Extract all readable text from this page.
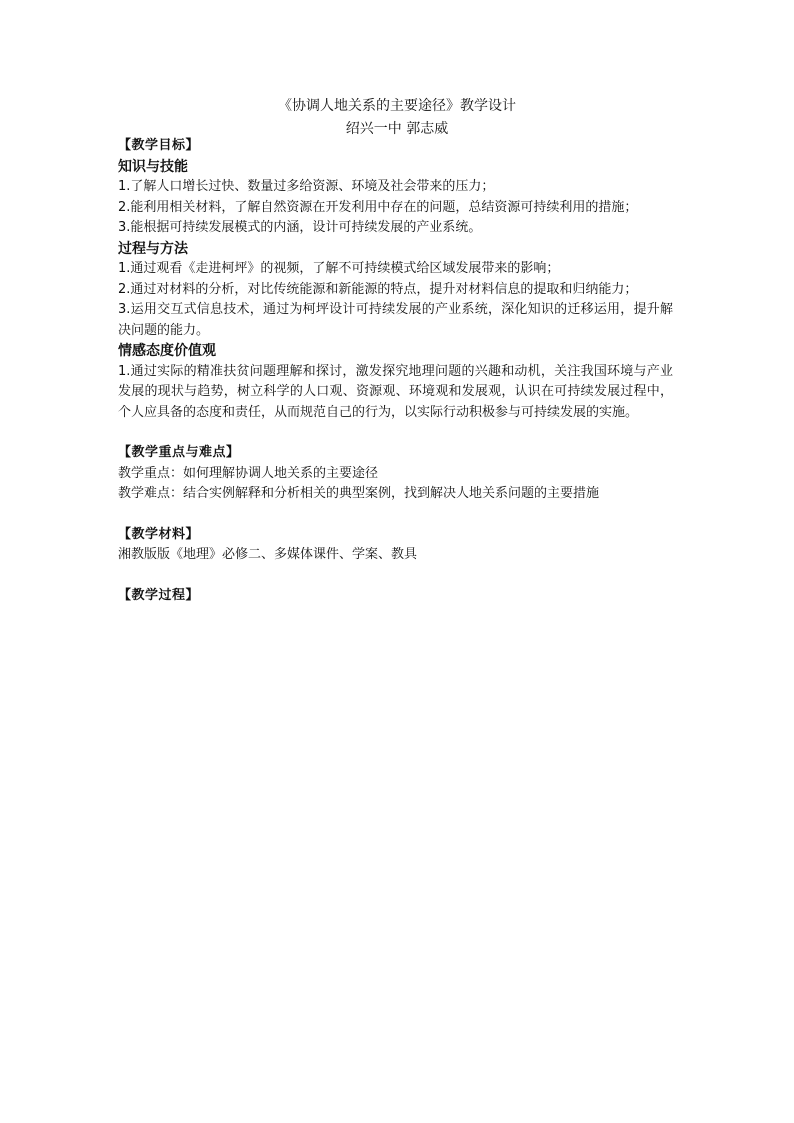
《协调人地关系的主要途径》教学设计
绍兴一中 郭志威
【教学目标】
知识与技能
1.了解人口增长过快、数量过多给资源、环境及社会带来的压力；
2.能利用相关材料，了解自然资源在开发利用中存在的问题，总结资源可持续利用的措施；
3.能根据可持续发展模式的内涵，设计可持续发展的产业系统。
过程与方法
1.通过观看《走进柯坪》的视频，了解不可持续模式给区域发展带来的影响；
2.通过对材料的分析，对比传统能源和新能源的特点，提升对材料信息的提取和归纳能力；
3.运用交互式信息技术，通过为柯坪设计可持续发展的产业系统，深化知识的迁移运用，提升解决问题的能力。
情感态度价值观
1.通过实际的精准扶贫问题理解和探讨，激发探究地理问题的兴趣和动机，关注我国环境与产业发展的现状与趋势，树立科学的人口观、资源观、环境观和发展观，认识在可持续发展过程中，个人应具备的态度和责任，从而规范自己的行为，以实际行动积极参与可持续发展的实施。
【教学重点与难点】
教学重点：如何理解协调人地关系的主要途径
教学难点：结合实例解释和分析相关的典型案例，找到解决人地关系问题的主要措施
【教学材料】
湘教版版《地理》必修二、多媒体课件、学案、教具
【教学过程】
